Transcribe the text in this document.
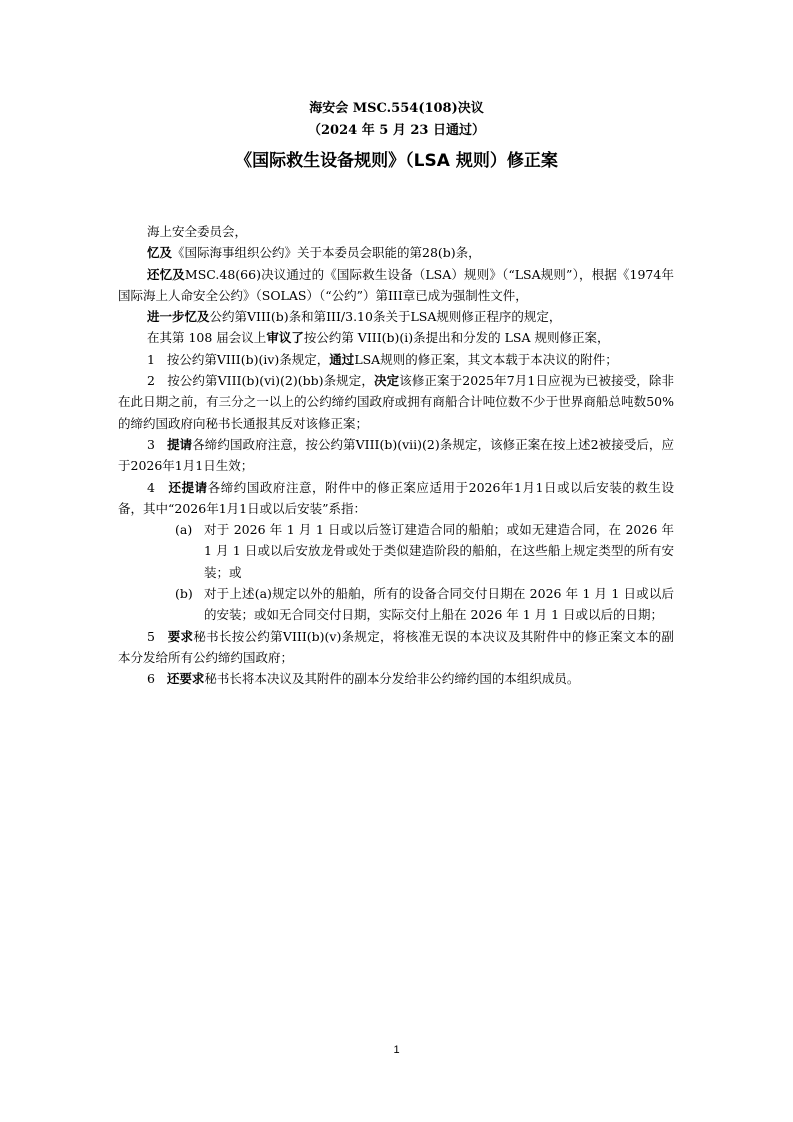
海安会 MSC.554(108)决议
（2024 年 5 月 23 日通过）
《国际救生设备规则》（LSA 规则）修正案

海上安全委员会，

忆及《国际海事组织公约》关于本委员会职能的第28(b)条，

还忆及MSC.48(66)决议通过的《国际救生设备（LSA）规则》（“LSA规则”），根据《1974年国际海上人命安全公约》（SOLAS）（“公约”）第III章已成为强制性文件，

进一步忆及公约第VIII(b)条和第III/3.10条关于LSA规则修正程序的规定，

在其第 108 届会议上审议了按公约第 VIII(b)(i)条提出和分发的 LSA 规则修正案，

1 按公约第VIII(b)(iv)条规定，通过LSA规则的修正案，其文本载于本决议的附件；

2 按公约第VIII(b)(vi)(2)(bb)条规定，决定该修正案于2025年7月1日应视为已被接受，除非在此日期之前，有三分之一以上的公约缔约国政府或拥有商船合计吨位数不少于世界商船总吨数50%的缔约国政府向秘书长通报其反对该修正案；

3 提请各缔约国政府注意，按公约第VIII(b)(vii)(2)条规定，该修正案在按上述2被接受后，应于2026年1月1日生效；

4 还提请各缔约国政府注意，附件中的修正案应适用于2026年1月1日或以后安装的救生设备，其中“2026年1月1日或以后安装”系指：

(a) 对于 2026 年 1 月 1 日或以后签订建造合同的船舶；或如无建造合同，在 2026 年 1 月 1 日或以后安放龙骨或处于类似建造阶段的船舶，在这些船上规定类型的所有安装；或
(b) 对于上述(a)规定以外的船舶，所有的设备合同交付日期在 2026 年 1 月 1 日或以后的安装；或如无合同交付日期，实际交付上船在 2026 年 1 月 1 日或以后的日期；

5 要求秘书长按公约第VIII(b)(v)条规定，将核准无误的本决议及其附件中的修正案文本的副本分发给所有公约缔约国政府；

6 还要求秘书长将本决议及其附件的副本分发给非公约缔约国的本组织成员。

1
